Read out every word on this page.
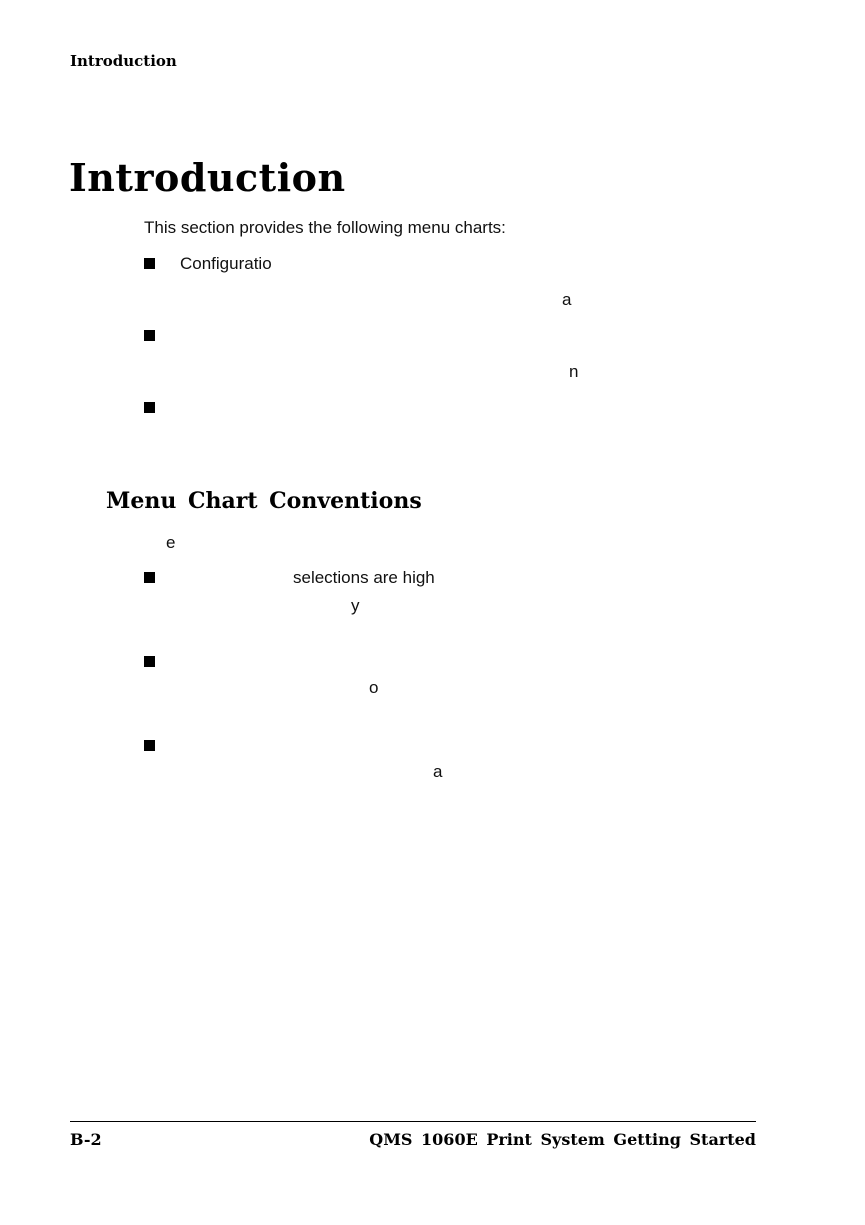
Introduction
Introduction
This section provides the following menu charts:
Configuratio
a
n
Menu Chart Conventions
e
selections are high
y
o
a
B-2	QMS 1060E Print System Getting Started
